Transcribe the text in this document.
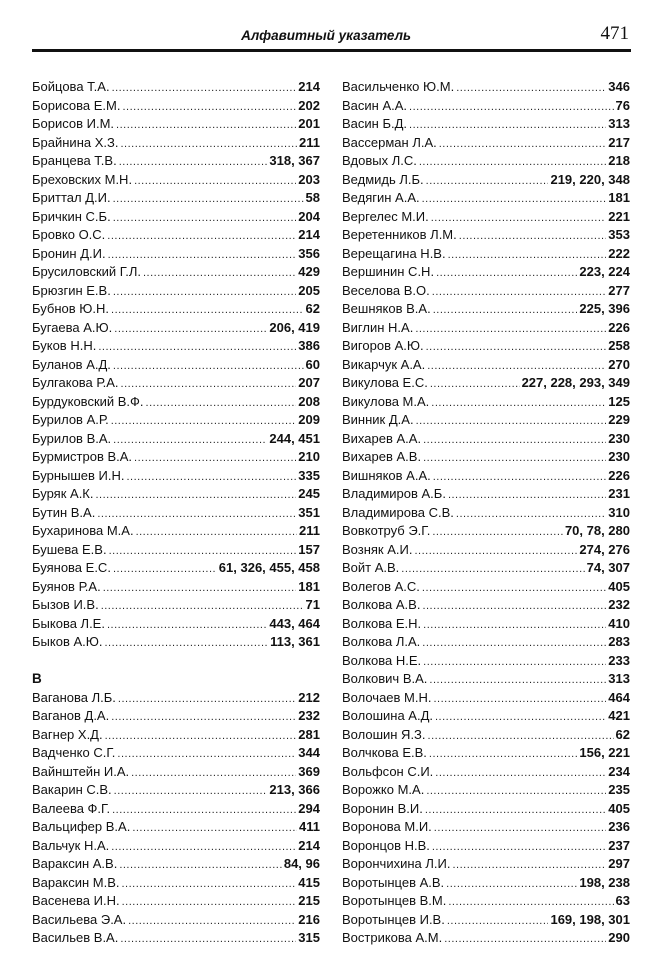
Алфавитный указатель	471
Бойцова Т.А. .....	214
Борисова Е.М. .....	202
Борисов И.М. .....	201
Брайнина Х.З. .....	211
Бранцева Т.В. .....	318, 367
Бреховских М.Н. .....	203
Бриттал Д.И. .....	58
Бричкин С.Б. .....	204
Бровко О.С. .....	214
Бронин Д.И. .....	356
Брусиловский Г.Л. .....	429
Брюзгин Е.В. .....	205
Бубнов Ю.Н. .....	62
Бугаева А.Ю. .....	206, 419
Буков Н.Н. .....	386
Буланов А.Д. .....	60
Булгакова Р.А. .....	207
Бурдуковский В.Ф. .....	208
Бурилов А.Р. .....	209
Бурилов В.А. .....	244, 451
Бурмистров В.А. .....	210
Бурнышев И.Н. .....	335
Буряк А.К. .....	245
Бутин В.А. .....	351
Бухаринова М.А. .....	211
Бушева Е.В. .....	157
Буянова Е.С. .....	61, 326, 455, 458
Буянов Р.А. .....	181
Бызов И.В. .....	71
Быкова Л.Е. .....	443, 464
Быков А.Ю. .....	113, 361
В
Ваганова Л.Б. .....	212
Ваганов Д.А. .....	232
Вагнер Х.Д. .....	281
Вадченко С.Г. .....	344
Вайнштейн И.А. .....	369
Вакарин С.В. .....	213, 366
Валеева Ф.Г. .....	294
Вальцифер В.А. .....	411
Вальчук Н.А. .....	214
Вараксин А.В. .....	84, 96
Вараксин М.В. .....	415
Васенева И.Н. .....	215
Васильева Э.А. .....	216
Васильев В.А. .....	315
Васильченко Ю.М. .....	346
Васин А.А. .....	76
Васин Б.Д. .....	313
Вассерман Л.А. .....	217
Вдовых Л.С. .....	218
Ведмидь Л.Б. .....	219, 220, 348
Ведягин А.А. .....	181
Вергелес М.И. .....	221
Веретенников Л.М. .....	353
Верещагина Н.В. .....	222
Вершинин С.Н. .....	223, 224
Веселова В.О. .....	277
Вешняков В.А. .....	225, 396
Виглин Н.А. .....	226
Вигоров А.Ю. .....	258
Викарчук А.А. .....	270
Викулова Е.С. .....	227, 228, 293, 349
Викулова М.А. .....	125
Винник Д.А. .....	229
Вихарев А.А. .....	230
Вихарев А.В. .....	230
Вишняков А.А. .....	226
Владимиров А.Б. .....	231
Владимирова С.В. .....	310
Вовкотруб Э.Г. .....	70, 78, 280
Возняк А.И. .....	274, 276
Войт А.В. .....	74, 307
Волегов А.С. .....	405
Волкова А.В. .....	232
Волкова Е.Н. .....	410
Волкова Л.А. .....	283
Волкова Н.Е. .....	233
Волкович В.А. .....	313
Волочаев М.Н. .....	464
Волошина А.Д. .....	421
Волошин Я.З. .....	62
Волчкова Е.В. .....	156, 221
Вольфсон С.И. .....	234
Ворожко М.А. .....	235
Воронин В.И. .....	405
Воронова М.И. .....	236
Воронцов Н.В. .....	237
Ворончихина Л.И. .....	297
Воротынцев А.В. .....	198, 238
Воротынцев В.М. .....	63
Воротынцев И.В. .....	169, 198, 301
Вострикова А.М. .....	290
